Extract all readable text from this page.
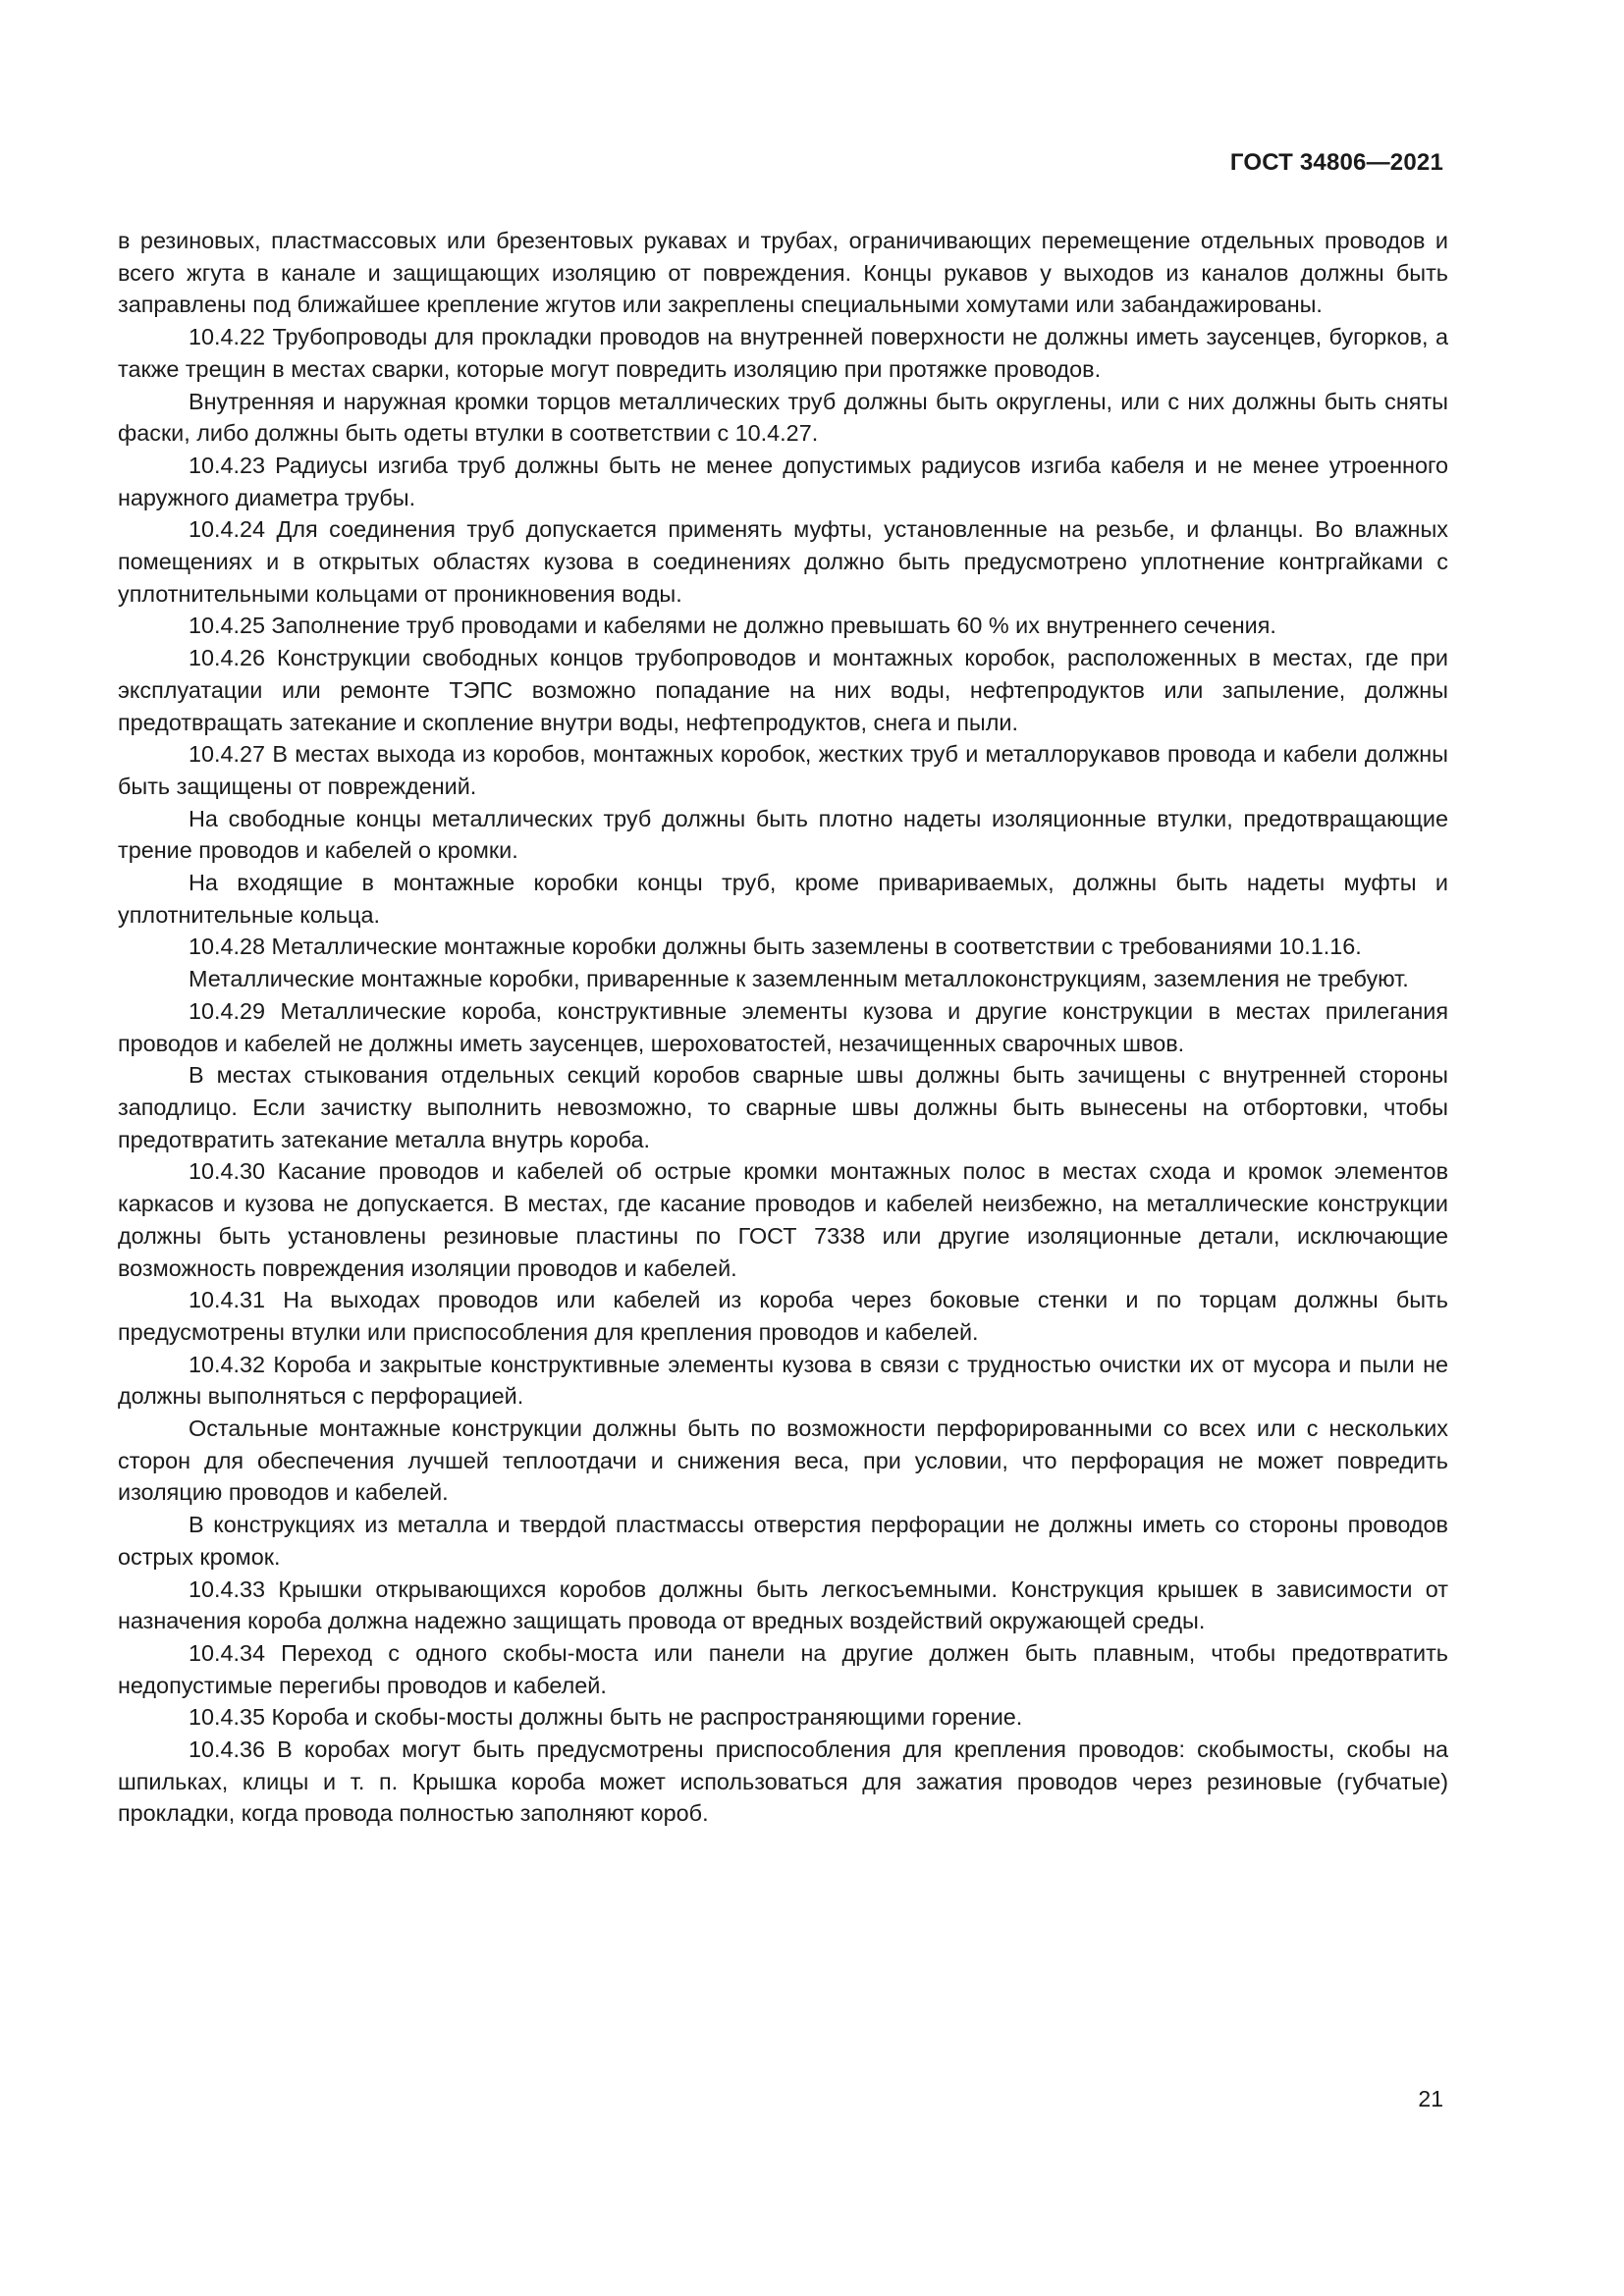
ГОСТ 34806—2021

в резиновых, пластмассовых или брезентовых рукавах и трубах, ограничивающих перемещение отдельных проводов и всего жгута в канале и защищающих изоляцию от повреждения. Концы рукавов у выходов из каналов должны быть заправлены под ближайшее крепление жгутов или закреплены специальными хомутами или забандажированы.

10.4.22 Трубопроводы для прокладки проводов на внутренней поверхности не должны иметь заусенцев, бугорков, а также трещин в местах сварки, которые могут повредить изоляцию при протяжке проводов.

Внутренняя и наружная кромки торцов металлических труб должны быть округлены, или с них должны быть сняты фаски, либо должны быть одеты втулки в соответствии с 10.4.27.

10.4.23 Радиусы изгиба труб должны быть не менее допустимых радиусов изгиба кабеля и не менее утроенного наружного диаметра трубы.

10.4.24 Для соединения труб допускается применять муфты, установленные на резьбе, и фланцы. Во влажных помещениях и в открытых областях кузова в соединениях должно быть предусмотрено уплотнение контргайками с уплотнительными кольцами от проникновения воды.

10.4.25 Заполнение труб проводами и кабелями не должно превышать 60 % их внутреннего сечения.

10.4.26 Конструкции свободных концов трубопроводов и монтажных коробок, расположенных в местах, где при эксплуатации или ремонте ТЭПС возможно попадание на них воды, нефтепродуктов или запыление, должны предотвращать затекание и скопление внутри воды, нефтепродуктов, снега и пыли.

10.4.27 В местах выхода из коробов, монтажных коробок, жестких труб и металлорукавов провода и кабели должны быть защищены от повреждений.

На свободные концы металлических труб должны быть плотно надеты изоляционные втулки, предотвращающие трение проводов и кабелей о кромки.

На входящие в монтажные коробки концы труб, кроме привариваемых, должны быть надеты муфты и уплотнительные кольца.

10.4.28 Металлические монтажные коробки должны быть заземлены в соответствии с требованиями 10.1.16.

Металлические монтажные коробки, приваренные к заземленным металлоконструкциям, заземления не требуют.

10.4.29 Металлические короба, конструктивные элементы кузова и другие конструкции в местах прилегания проводов и кабелей не должны иметь заусенцев, шероховатостей, незачищенных сварочных швов.

В местах стыкования отдельных секций коробов сварные швы должны быть зачищены с внутренней стороны заподлицо. Если зачистку выполнить невозможно, то сварные швы должны быть вынесены на отбортовки, чтобы предотвратить затекание металла внутрь короба.

10.4.30 Касание проводов и кабелей об острые кромки монтажных полос в местах схода и кромок элементов каркасов и кузова не допускается. В местах, где касание проводов и кабелей неизбежно, на металлические конструкции должны быть установлены резиновые пластины по ГОСТ 7338 или другие изоляционные детали, исключающие возможность повреждения изоляции проводов и кабелей.

10.4.31 На выходах проводов или кабелей из короба через боковые стенки и по торцам должны быть предусмотрены втулки или приспособления для крепления проводов и кабелей.

10.4.32 Короба и закрытые конструктивные элементы кузова в связи с трудностью очистки их от мусора и пыли не должны выполняться с перфорацией.

Остальные монтажные конструкции должны быть по возможности перфорированными со всех или с нескольких сторон для обеспечения лучшей теплоотдачи и снижения веса, при условии, что перфорация не может повредить изоляцию проводов и кабелей.

В конструкциях из металла и твердой пластмассы отверстия перфорации не должны иметь со стороны проводов острых кромок.

10.4.33 Крышки открывающихся коробов должны быть легкосъемными. Конструкция крышек в зависимости от назначения короба должна надежно защищать провода от вредных воздействий окружающей среды.

10.4.34 Переход с одного скобы-моста или панели на другие должен быть плавным, чтобы предотвратить недопустимые перегибы проводов и кабелей.

10.4.35 Короба и скобы-мосты должны быть не распространяющими горение.

10.4.36 В коробах могут быть предусмотрены приспособления для крепления проводов: скобымосты, скобы на шпильках, клицы и т. п. Крышка короба может использоваться для зажатия проводов через резиновые (губчатые) прокладки, когда провода полностью заполняют короб.

21
